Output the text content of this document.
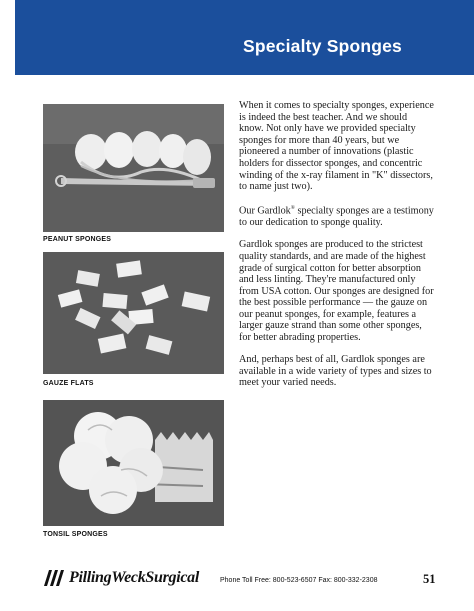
Specialty Sponges
PEANUT SPONGES
GAUZE FLATS
TONSIL SPONGES

When it comes to specialty sponges, experience is indeed the best teacher. And we should know. Not only have we provided specialty sponges for more than 40 years, but we pioneered a number of innovations (plastic holders for dissector sponges, and concentric winding of the x-ray filament in "K" dissectors, to name just two).

Our Gardlok® specialty sponges are a testimony to our dedication to sponge quality.

Gardlok sponges are produced to the strictest quality standards, and are made of the highest grade of surgical cotton for better absorption and less linting. They're manufactured only from USA cotton. Our sponges are designed for the best possible performance — the gauze on our peanut sponges, for example, features a larger gauze strand than some other sponges, for better abrading properties.

And, perhaps best of all, Gardlok sponges are available in a wide variety of types and sizes to meet your varied needs.

PillingWeckSurgical	Phone Toll Free: 800-523-6507 Fax: 800-332-2308	51
